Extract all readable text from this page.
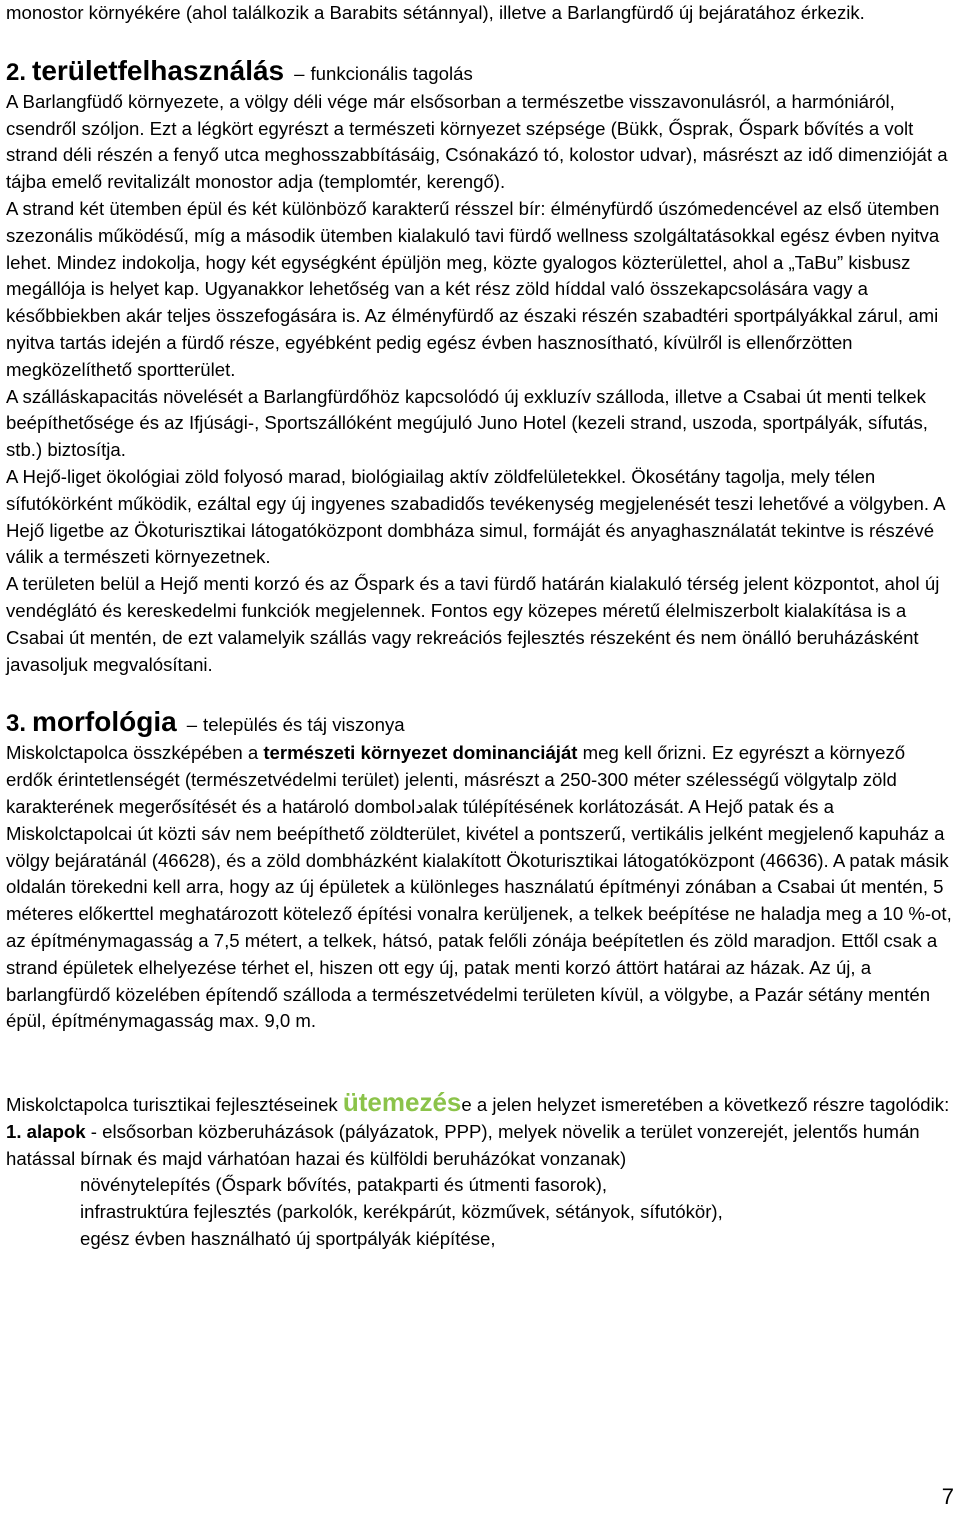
monostor környékére (ahol találkozik a Barabits sétánnyal), illetve a Barlangfürdő új bejáratához érkezik.

2. területfelhasználás – funkcionális tagolás

A Barlangfüdő környezete, a völgy déli vége már elsősorban a természetbe visszavonulásról, a harmóniáról, csendről szóljon. Ezt a légkört egyrészt a természeti környezet szépsége (Bükk, Ősprak, Őspark bővítés a volt strand déli részén a fenyő utca meghosszabbításáig, Csónakázó tó, kolostor udvar), másrészt az idő dimenzióját a tájba emelő revitalizált monostor adja (templomtér, kerengő).

A strand két ütemben épül és két különböző karakterű résszel bír: élményfürdő úszómedencével az első ütemben szezonális működésű, míg a második ütemben kialakuló tavi fürdő wellness szolgáltatásokkal egész évben nyitva lehet. Mindez indokolja, hogy két egységként épüljön meg, közte gyalogos közterülettel, ahol a „TaBu” kisbusz megállója is helyet kap. Ugyanakkor lehetőség van a két rész zöld híddal való összekapcsolására vagy a későbbiekben akár teljes összefogására is. Az élményfürdő az északi részén szabadtéri sportpályákkal zárul, ami nyitva tartás idején a fürdő része, egyébként pedig egész évben hasznosítható, kívülről is ellenőrzötten megközelíthető sportterület.

A szálláskapacitás növelését a Barlangfürdőhöz kapcsolódó új exkluzív szálloda, illetve a Csabai út menti telkek beépíthetősége és az Ifjúsági-, Sportszállóként megújuló Juno Hotel (kezeli strand, uszoda, sportpályák, sífutás, stb.) biztosítja.

A Hejő-liget ökológiai zöld folyosó marad, biológiailag aktív zöldfelületekkel. Ökosétány tagolja, mely télen sífutókörként működik, ezáltal egy új ingyenes szabadidős tevékenység megjelenését teszi lehetővé a völgyben. A Hejő ligetbe az Ökoturisztikai látogatóközpont dombháza simul, formáját és anyaghasználatát tekintve is részévé válik a természeti környezetnek.

A területen belül a Hejő menti korzó és az Őspark és a tavi fürdő határán kialakuló térség jelent központot, ahol új vendéglátó és kereskedelmi funkciók megjelennek. Fontos egy közepes méretű élelmiszerbolt kialakítása is a Csabai út mentén, de ezt valamelyik szállás vagy rekreációs fejlesztés részeként és nem önálló beruházásként javasoljuk megvalósítani.

3. morfológia – település és táj viszonya

Miskolctapolca összképében a természeti környezet dominanciáját meg kell őrizni. Ez egyrészt a környező erdők érintetlenségét (természetvédelmi terület) jelenti, másrészt a 250-300 méter szélességű völgytalp zöld karakterének megerősítését és a határoló dombolدalak túlépítésének korlátozását. A Hejő patak és a Miskolctapolcai út közti sáv nem beépíthető zöldterület, kivétel a pontszerű, vertikális jelként megjelenő kapuház a völgy bejáratánál (46628), és a zöld dombházként kialakított Ökoturisztikai látogatóközpont (46636). A patak másik oldalán törekedni kell arra, hogy az új épületek a különleges használatú építményi zónában a Csabai út mentén, 5 méteres előkerttel meghatározott kötelező építési vonalra kerüljenek, a telkek beépítése ne haladja meg a 10 %-ot, az építménymagasság a 7,5 métert, a telkek, hátsó, patak felőli zónája beépítetlen és zöld maradjon. Ettől csak a strand épületek elhelyezése térhet el, hiszen ott egy új, patak menti korzó áttört határai az házak. Az új, a barlangfürdő közelében építendő szálloda a természetvédelmi területen kívül, a völgybe, a Pazár sétány mentén épül, építménymagasság max. 9,0 m.

Miskolctapolca turisztikai fejlesztéseinek ütemezése a jelen helyzet ismeretében a következő részre tagolódik:

1. alapok - elsősorban közberuházások (pályázatok, PPP), melyek növelik a terület vonzerejét, jelentős humán hatással bírnak és majd várhatóan hazai és külföldi beruházókat vonzanak)

növénytelepítés (Őspark bővítés, patakparti és útmenti fasorok),

infrastruktúra fejlesztés (parkolók, kerékpárút, közművek, sétányok, sífutókör),

egész évben használható új sportpályák kiépítése,

7
